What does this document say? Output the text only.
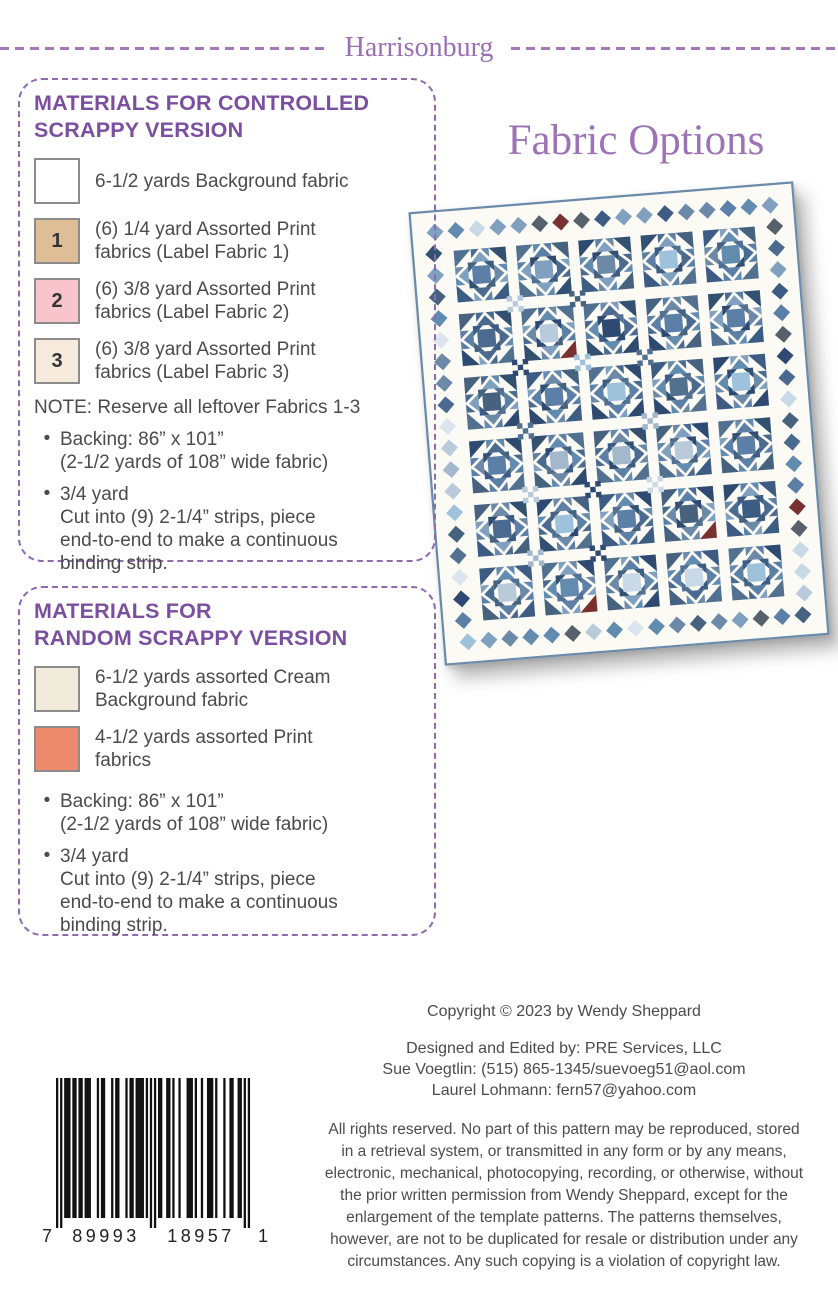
Harrisonburg
MATERIALS FOR CONTROLLED
SCRAPPY VERSION
6-1/2 yards Background fabric
1	(6) 1/4 yard Assorted Print
fabrics (Label Fabric 1)
2	(6) 3/8 yard Assorted Print
fabrics (Label Fabric 2)
3	(6) 3/8 yard Assorted Print
fabrics (Label Fabric 3)
NOTE: Reserve all leftover Fabrics 1-3
• Backing: 86” x 101”
(2-1/2 yards of 108” wide fabric)
• 3/4 yard
Cut into (9) 2-1/4” strips, piece
end-to-end to make a continuous
binding strip.
MATERIALS FOR
RANDOM SCRAPPY VERSION
6-1/2 yards assorted Cream
Background fabric
4-1/2 yards assorted Print
fabrics
• Backing: 86” x 101”
(2-1/2 yards of 108” wide fabric)
• 3/4 yard
Cut into (9) 2-1/4” strips, piece
end-to-end to make a continuous
binding strip.
Fabric Options
Copyright © 2023 by Wendy Sheppard
Designed and Edited by: PRE Services, LLC
Sue Voegtlin: (515) 865-1345/suevoeg51@aol.com
Laurel Lohmann: fern57@yahoo.com
All rights reserved. No part of this pattern may be reproduced, stored
in a retrieval system, or transmitted in any form or by any means,
electronic, mechanical, photocopying, recording, or otherwise, without
the prior written permission from Wendy Sheppard, except for the
enlargement of the template patterns. The patterns themselves,
however, are not to be duplicated for resale or distribution under any
circumstances. Any such copying is a violation of copyright law.
7 89993 18957 1
